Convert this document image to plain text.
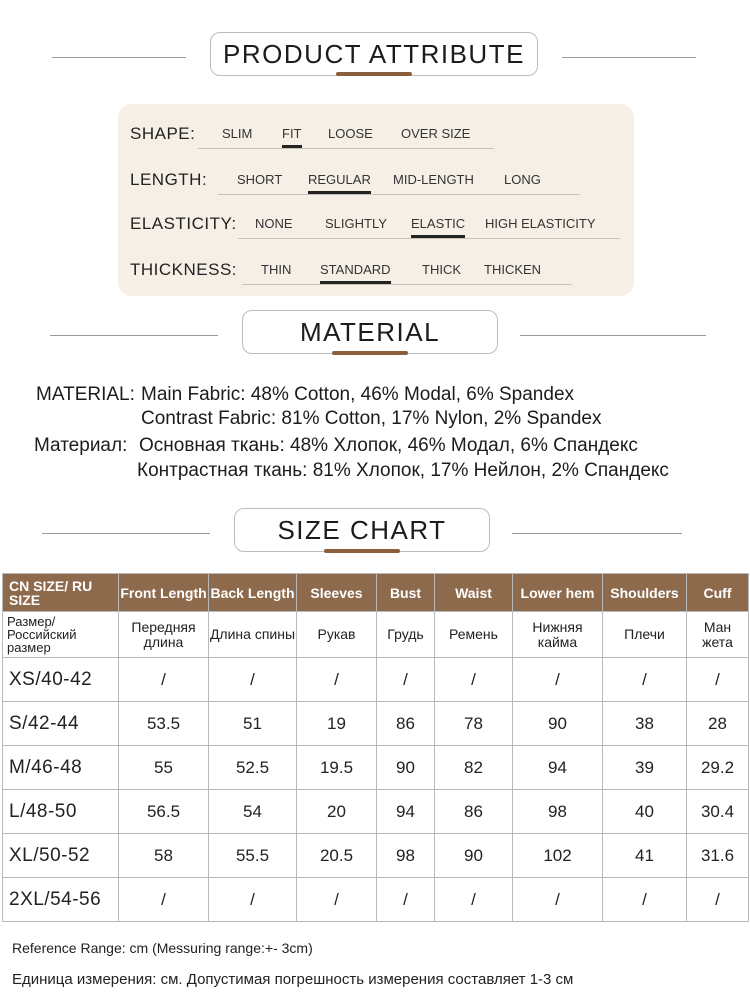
PRODUCT ATTRIBUTE
SHAPE: SLIM FIT LOOSE OVER SIZE
LENGTH: SHORT REGULAR MID-LENGTH LONG
ELASTICITY: NONE SLIGHTLY ELASTIC HIGH ELASTICITY
THICKNESS: THIN STANDARD THICK THICKEN
MATERIAL
MATERIAL: Main Fabric: 48% Cotton, 46% Modal, 6% Spandex
Contrast Fabric: 81% Cotton, 17% Nylon, 2% Spandex
Материал: Основная ткань: 48% Хлопок, 46% Модал, 6% Спандекс
Контрастная ткань: 81% Хлопок, 17% Нейлон, 2% Спандекс
SIZE CHART
CN SIZE/ RU SIZE	Front Length	Back Length	Sleeves	Bust	Waist	Lower hem	Shoulders	Cuff
Размер/ Российский размер	Передняя длина	Длина спины	Рукав	Грудь	Ремень	Нижняя кайма	Плечи	Ман жета
XS/40-42	/	/	/	/	/	/	/	/
S/42-44	53.5	51	19	86	78	90	38	28
M/46-48	55	52.5	19.5	90	82	94	39	29.2
L/48-50	56.5	54	20	94	86	98	40	30.4
XL/50-52	58	55.5	20.5	98	90	102	41	31.6
2XL/54-56	/	/	/	/	/	/	/	/
Reference Range: cm (Messuring range:+- 3cm)
Единица измерения: см. Допустимая погрешность измерения составляет 1-3 см
